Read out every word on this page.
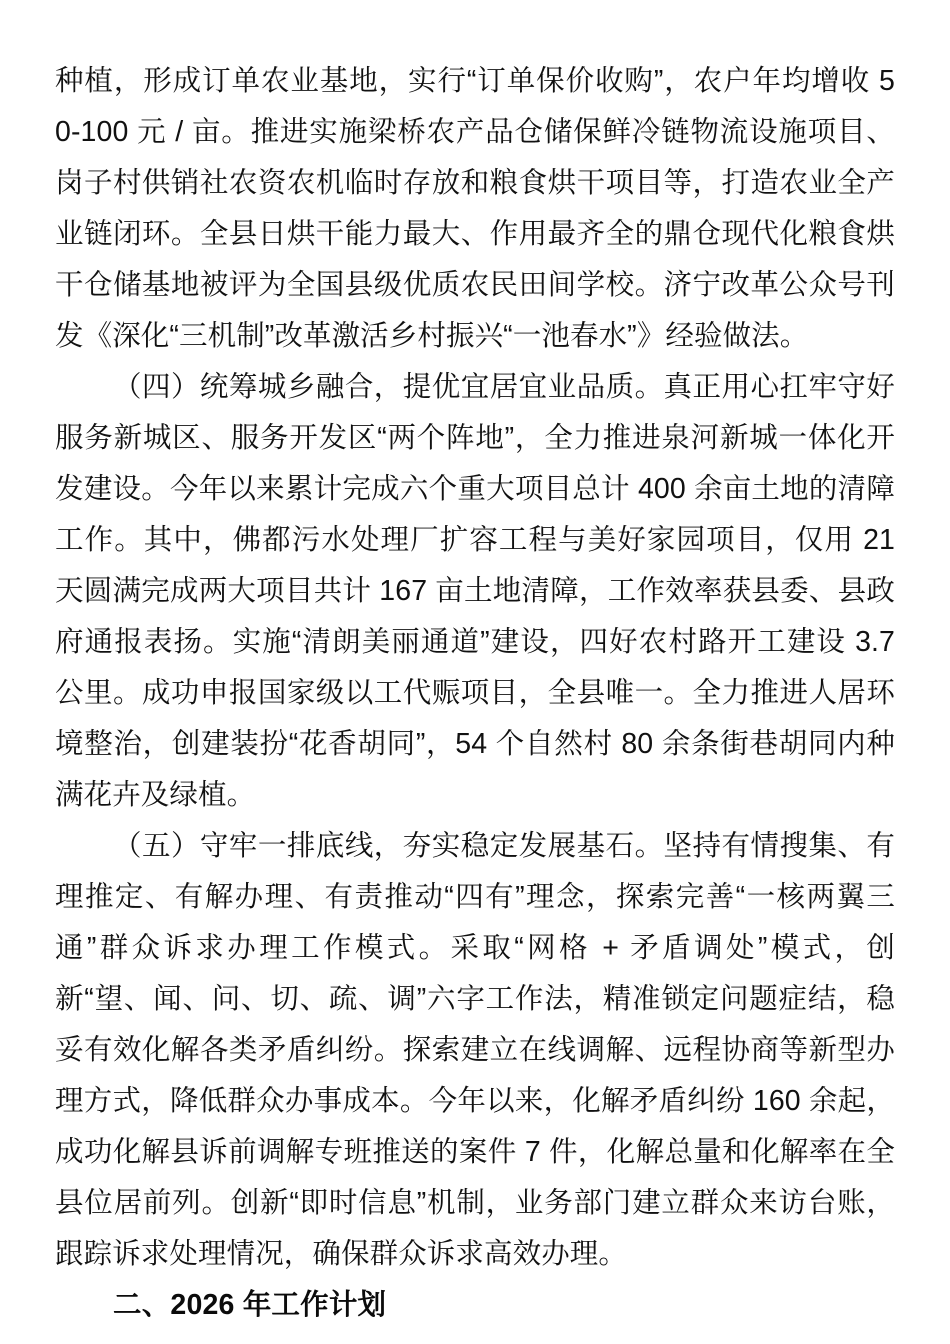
种植，形成订单农业基地，实行“订单保价收购”，农户年均增收 50‑100 元 / 亩。推进实施梁桥农产品仓储保鲜冷链物流设施项目、岗子村供销社农资农机临时存放和粮食烘干项目等，打造农业全产业链闭环。全县日烘干能力最大、作用最齐全的鼎仓现代化粮食烘干仓储基地被评为全国县级优质农民田间学校。济宁改革公众号刊发《深化“三机制”改革激活乡村振兴“一池春水”》经验做法。

（四）统筹城乡融合，提优宜居宜业品质。真正用心扛牢守好服务新城区、服务开发区“两个阵地”，全力推进泉河新城一体化开发建设。今年以来累计完成六个重大项目总计 400 余亩土地的清障工作。其中，佛都污水处理厂扩容工程与美好家园项目，仅用 21 天圆满完成两大项目共计 167 亩土地清障，工作效率获县委、县政府通报表扬。实施“清朗美丽通道”建设，四好农村路开工建设 3.7 公里。成功申报国家级以工代赈项目，全县唯一。全力推进人居环境整治，创建装扮“花香胡同”，54 个自然村 80 余条街巷胡同内种满花卉及绿植。

（五）守牢一排底线，夯实稳定发展基石。坚持有情搜集、有理推定、有解办理、有责推动“四有”理念，探索完善“一核两翼三通”群众诉求办理工作模式。采取“网格 + 矛盾调处”模式，创新“望、闻、问、切、疏、调”六字工作法，精准锁定问题症结，稳妥有效化解各类矛盾纠纷。探索建立在线调解、远程协商等新型办理方式，降低群众办事成本。今年以来，化解矛盾纠纷 160 余起，成功化解县诉前调解专班推送的案件 7 件，化解总量和化解率在全县位居前列。创新“即时信息”机制，业务部门建立群众来访台账，跟踪诉求处理情况，确保群众诉求高效办理。

二、2026 年工作计划
